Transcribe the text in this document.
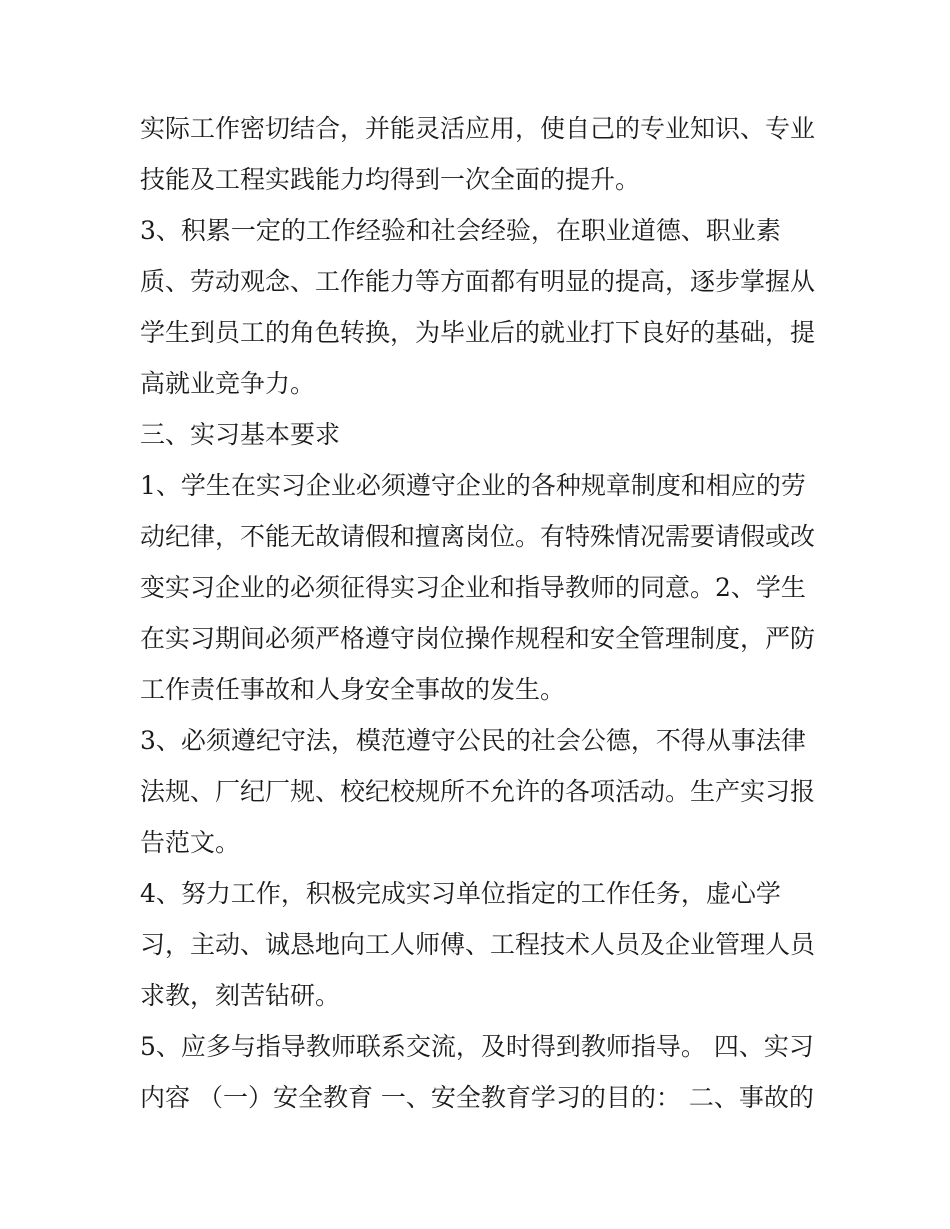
实际工作密切结合，并能灵活应用，使自己的专业知识、专业
技能及工程实践能力均得到一次全面的提升。
3、积累一定的工作经验和社会经验，在职业道德、职业素
质、劳动观念、工作能力等方面都有明显的提高，逐步掌握从
学生到员工的角色转换，为毕业后的就业打下良好的基础，提
高就业竞争力。
三、实习基本要求
1、学生在实习企业必须遵守企业的各种规章制度和相应的劳
动纪律，不能无故请假和擅离岗位。有特殊情况需要请假或改
变实习企业的必须征得实习企业和指导教师的同意。2、学生
在实习期间必须严格遵守岗位操作规程和安全管理制度，严防
工作责任事故和人身安全事故的发生。
3、必须遵纪守法，模范遵守公民的社会公德，不得从事法律
法规、厂纪厂规、校纪校规所不允许的各项活动。生产实习报
告范文。
4、努力工作，积极完成实习单位指定的工作任务，虚心学
习，主动、诚恳地向工人师傅、工程技术人员及企业管理人员
求教，刻苦钻研。
5、应多与指导教师联系交流，及时得到教师指导。 四、实习
内容 （一）安全教育 一、安全教育学习的目的： 二、事故的
